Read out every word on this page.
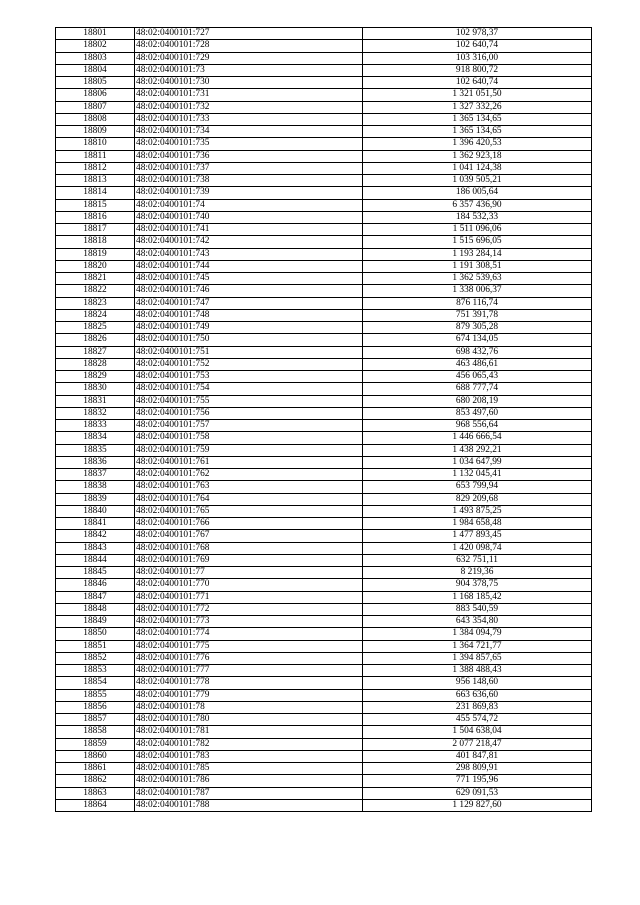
18801	48:02:0400101:727	102 978,37
18802	48:02:0400101:728	102 640,74
18803	48:02:0400101:729	103 316,00
18804	48:02:0400101:73	918 800,72
18805	48:02:0400101:730	102 640,74
18806	48:02:0400101:731	1 321 051,50
18807	48:02:0400101:732	1 327 332,26
18808	48:02:0400101:733	1 365 134,65
18809	48:02:0400101:734	1 365 134,65
18810	48:02:0400101:735	1 396 420,53
18811	48:02:0400101:736	1 362 923,18
18812	48:02:0400101:737	1 041 124,38
18813	48:02:0400101:738	1 039 505,21
18814	48:02:0400101:739	186 005,64
18815	48:02:0400101:74	6 357 436,90
18816	48:02:0400101:740	184 532,33
18817	48:02:0400101:741	1 511 096,06
18818	48:02:0400101:742	1 515 696,05
18819	48:02:0400101:743	1 193 284,14
18820	48:02:0400101:744	1 191 308,51
18821	48:02:0400101:745	1 362 539,63
18822	48:02:0400101:746	1 338 006,37
18823	48:02:0400101:747	876 116,74
18824	48:02:0400101:748	751 391,78
18825	48:02:0400101:749	879 305,28
18826	48:02:0400101:750	674 134,05
18827	48:02:0400101:751	698 432,76
18828	48:02:0400101:752	463 486,61
18829	48:02:0400101:753	456 065,43
18830	48:02:0400101:754	688 777,74
18831	48:02:0400101:755	680 208,19
18832	48:02:0400101:756	853 497,60
18833	48:02:0400101:757	968 556,64
18834	48:02:0400101:758	1 446 666,54
18835	48:02:0400101:759	1 438 292,21
18836	48:02:0400101:761	1 034 647,99
18837	48:02:0400101:762	1 132 045,41
18838	48:02:0400101:763	653 799,94
18839	48:02:0400101:764	829 209,68
18840	48:02:0400101:765	1 493 875,25
18841	48:02:0400101:766	1 984 658,48
18842	48:02:0400101:767	1 477 893,45
18843	48:02:0400101:768	1 420 098,74
18844	48:02:0400101:769	632 751,11
18845	48:02:0400101:77	8 219,36
18846	48:02:0400101:770	904 378,75
18847	48:02:0400101:771	1 168 185,42
18848	48:02:0400101:772	883 540,59
18849	48:02:0400101:773	643 354,80
18850	48:02:0400101:774	1 384 094,79
18851	48:02:0400101:775	1 364 721,77
18852	48:02:0400101:776	1 394 857,65
18853	48:02:0400101:777	1 388 488,43
18854	48:02:0400101:778	956 148,60
18855	48:02:0400101:779	663 636,60
18856	48:02:0400101:78	231 869,83
18857	48:02:0400101:780	455 574,72
18858	48:02:0400101:781	1 504 638,04
18859	48:02:0400101:782	2 077 218,47
18860	48:02:0400101:783	401 847,81
18861	48:02:0400101:785	298 809,91
18862	48:02:0400101:786	771 195,96
18863	48:02:0400101:787	629 091,53
18864	48:02:0400101:788	1 129 827,60
